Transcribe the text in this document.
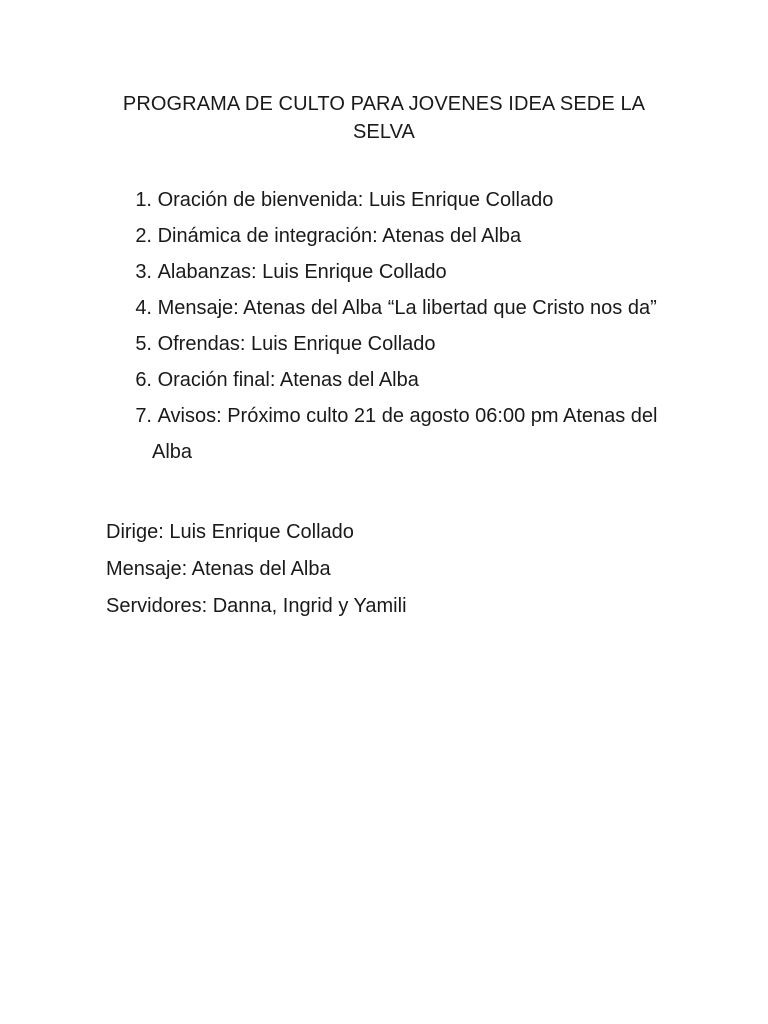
PROGRAMA DE CULTO PARA JOVENES IDEA SEDE LA SELVA
1. Oración de bienvenida: Luis Enrique Collado
2. Dinámica de integración: Atenas del Alba
3. Alabanzas: Luis Enrique Collado
4. Mensaje: Atenas del Alba “La libertad que Cristo nos da”
5. Ofrendas: Luis Enrique Collado
6. Oración final: Atenas del Alba
7. Avisos: Próximo culto 21 de agosto 06:00 pm Atenas del Alba

Dirige: Luis Enrique Collado

Mensaje: Atenas del Alba

Servidores: Danna, Ingrid y Yamili
